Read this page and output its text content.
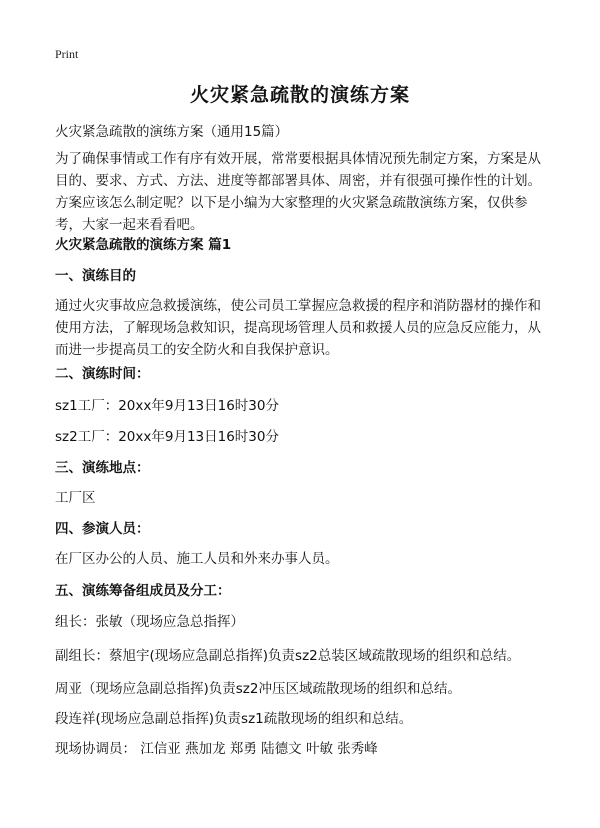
Print
火灾紧急疏散的演练方案
火灾紧急疏散的演练方案（通用15篇）
为了确保事情或工作有序有效开展，常常要根据具体情况预先制定方案，方案是从目的、要求、方式、方法、进度等都部署具体、周密，并有很强可操作性的计划。方案应该怎么制定呢？以下是小编为大家整理的火灾紧急疏散演练方案，仅供参考，大家一起来看看吧。
火灾紧急疏散的演练方案 篇1
一、演练目的
通过火灾事故应急救援演练，使公司员工掌握应急救援的程序和消防器材的操作和使用方法，了解现场急救知识，提高现场管理人员和救援人员的应急反应能力，从而进一步提高员工的安全防火和自我保护意识。
二、演练时间：
sz1工厂：20xx年9月13日16时30分
sz2工厂：20xx年9月13日16时30分
三、演练地点：
工厂区
四、参演人员：
在厂区办公的人员、施工人员和外来办事人员。
五、演练筹备组成员及分工：
组长：张敏（现场应急总指挥）
副组长：蔡旭宇(现场应急副总指挥)负责sz2总装区域疏散现场的组织和总结。
周亚（现场应急副总指挥)负责sz2冲压区域疏散现场的组织和总结。
段连祥(现场应急副总指挥)负责sz1疏散现场的组织和总结。
现场协调员： 江信亚 燕加龙 郑勇 陆德文 叶敏 张秀峰
